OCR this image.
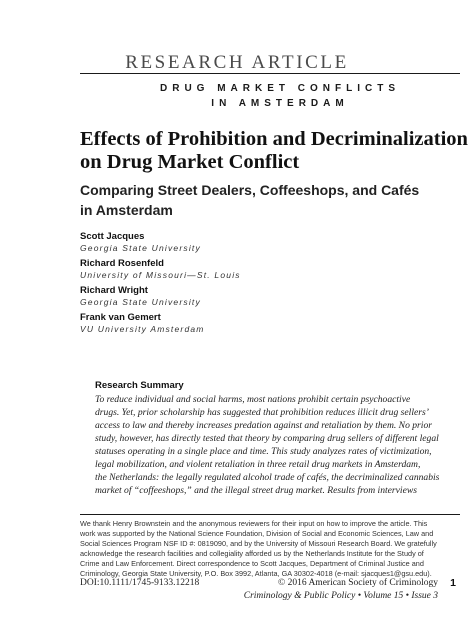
RESEARCH ARTICLE
DRUG MARKET CONFLICTS
IN AMSTERDAM
Effects of Prohibition and Decriminalization
on Drug Market Conflict
Comparing Street Dealers, Coffeeshops, and Cafés
in Amsterdam
Scott Jacques
Georgia State University
Richard Rosenfeld
University of Missouri—St. Louis
Richard Wright
Georgia State University
Frank van Gemert
VU University Amsterdam
Research Summary
To reduce individual and social harms, most nations prohibit certain psychoactive
drugs. Yet, prior scholarship has suggested that prohibition reduces illicit drug sellers’
access to law and thereby increases predation against and retaliation by them. No prior
study, however, has directly tested that theory by comparing drug sellers of different legal
statuses operating in a single place and time. This study analyzes rates of victimization,
legal mobilization, and violent retaliation in three retail drug markets in Amsterdam,
the Netherlands: the legally regulated alcohol trade of cafés, the decriminalized cannabis
market of “coffeeshops,” and the illegal street drug market. Results from interviews
We thank Henry Brownstein and the anonymous reviewers for their input on how to improve the article. This
work was supported by the National Science Foundation, Division of Social and Economic Sciences, Law and
Social Sciences Program NSF ID #: 0819090, and by the University of Missouri Research Board. We gratefully
acknowledge the research facilities and collegiality afforded us by the Netherlands Institute for the Study of
Crime and Law Enforcement. Direct correspondence to Scott Jacques, Department of Criminal Justice and
Criminology, Georgia State University, P.O. Box 3992, Atlanta, GA 30302-4018 (e-mail: sjacques1@gsu.edu).
DOI:10.1111/1745-9133.12218	© 2016 American Society of Criminology
Criminology & Public Policy • Volume 15 • Issue 3
1
